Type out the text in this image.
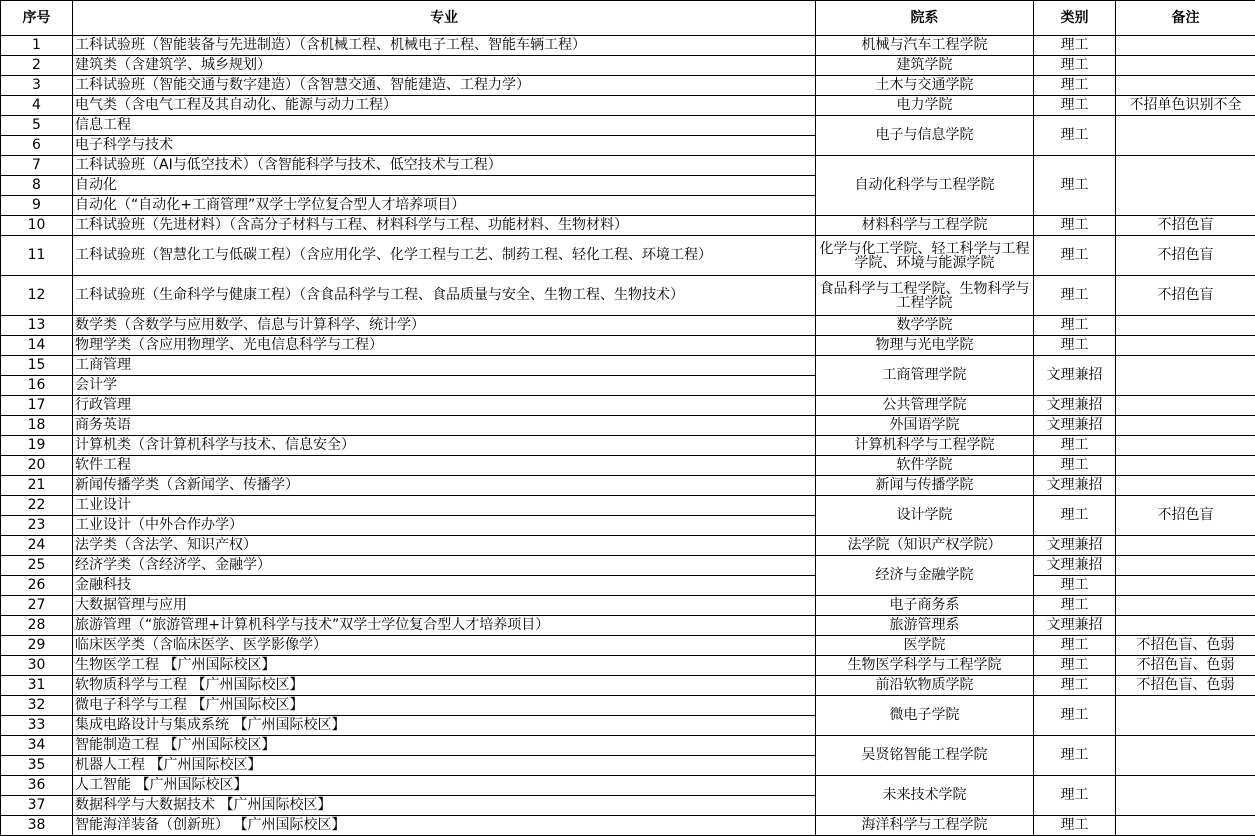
序号	专业	院系	类别	备注
1	工科试验班（智能装备与先进制造）（含机械工程、机械电子工程、智能车辆工程）	机械与汽车工程学院	理工	
2	建筑类（含建筑学、城乡规划）	建筑学院	理工	
3	工科试验班（智能交通与数字建造）（含智慧交通、智能建造、工程力学）	土木与交通学院	理工	
4	电气类（含电气工程及其自动化、能源与动力工程）	电力学院	理工	不招单色识别不全
5	信息工程	电子与信息学院	理工	
6	电子科学与技术			
7	工科试验班（AI与低空技术）（含智能科学与技术、低空技术与工程）	自动化科学与工程学院	理工	
8	自动化			
9	自动化（“自动化+工商管理”双学士学位复合型人才培养项目）			
10	工科试验班（先进材料）（含高分子材料与工程、材料科学与工程、功能材料、生物材料）	材料科学与工程学院	理工	不招色盲
11	工科试验班（智慧化工与低碳工程）（含应用化学、化学工程与工艺、制药工程、轻化工程、环境工程）	化学与化工学院、轻工科学与工程学院、环境与能源学院	理工	不招色盲
12	工科试验班（生命科学与健康工程）（含食品科学与工程、食品质量与安全、生物工程、生物技术）	食品科学与工程学院、生物科学与工程学院	理工	不招色盲
13	数学类（含数学与应用数学、信息与计算科学、统计学）	数学学院	理工	
14	物理学类（含应用物理学、光电信息科学与工程）	物理与光电学院	理工	
15	工商管理	工商管理学院	文理兼招	
16	会计学			
17	行政管理	公共管理学院	文理兼招	
18	商务英语	外国语学院	文理兼招	
19	计算机类（含计算机科学与技术、信息安全）	计算机科学与工程学院	理工	
20	软件工程	软件学院	理工	
21	新闻传播学类（含新闻学、传播学）	新闻与传播学院	文理兼招	
22	工业设计	设计学院	理工	不招色盲
23	工业设计（中外合作办学）			
24	法学类（含法学、知识产权）	法学院（知识产权学院）	文理兼招	
25	经济学类（含经济学、金融学）	经济与金融学院	文理兼招	
26	金融科技		理工	
27	大数据管理与应用	电子商务系	理工	
28	旅游管理（“旅游管理+计算机科学与技术”双学士学位复合型人才培养项目）	旅游管理系	文理兼招	
29	临床医学类（含临床医学、医学影像学）	医学院	理工	不招色盲、色弱
30	生物医学工程 【广州国际校区】	生物医学科学与工程学院	理工	不招色盲、色弱
31	软物质科学与工程 【广州国际校区】	前沿软物质学院	理工	不招色盲、色弱
32	微电子科学与工程 【广州国际校区】	微电子学院	理工	
33	集成电路设计与集成系统 【广州国际校区】			
34	智能制造工程 【广州国际校区】	吴贤铭智能工程学院	理工	
35	机器人工程 【广州国际校区】			
36	人工智能 【广州国际校区】	未来技术学院	理工	
37	数据科学与大数据技术 【广州国际校区】			
38	智能海洋装备（创新班） 【广州国际校区】	海洋科学与工程学院	理工	
